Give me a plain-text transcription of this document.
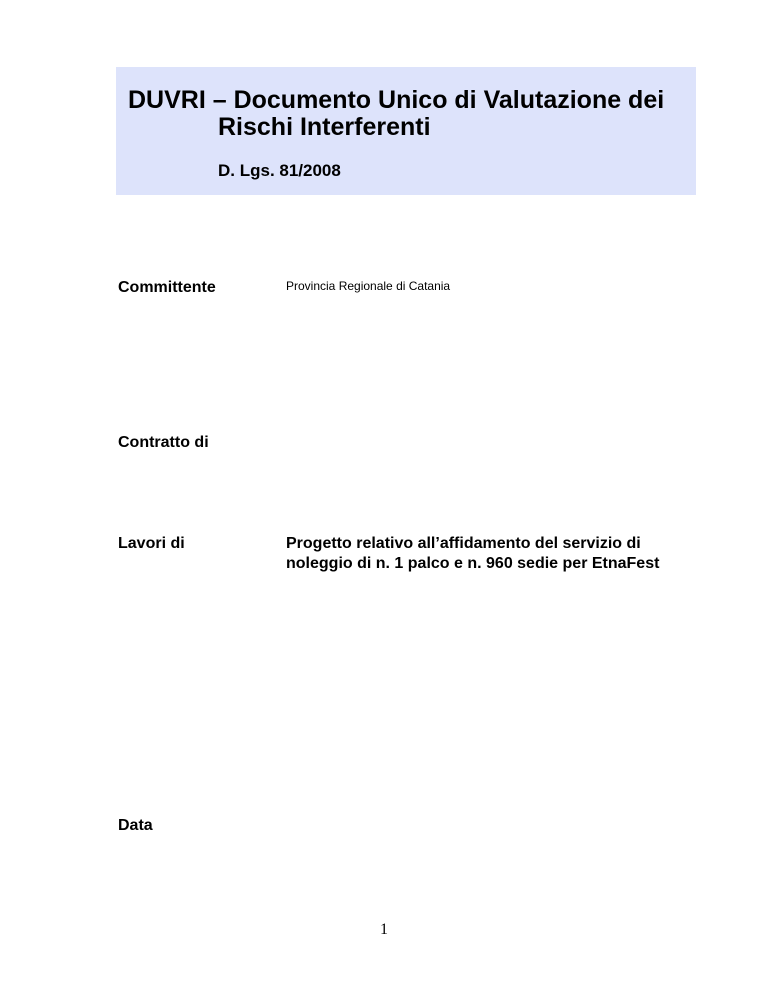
DUVRI – Documento Unico di Valutazione dei
Rischi Interferenti
D. Lgs. 81/2008
Committente	Provincia Regionale di Catania
Contratto di
Lavori di	Progetto relativo all’affidamento del servizio di
noleggio di n. 1 palco e n. 960 sedie per EtnaFest
Data
1
